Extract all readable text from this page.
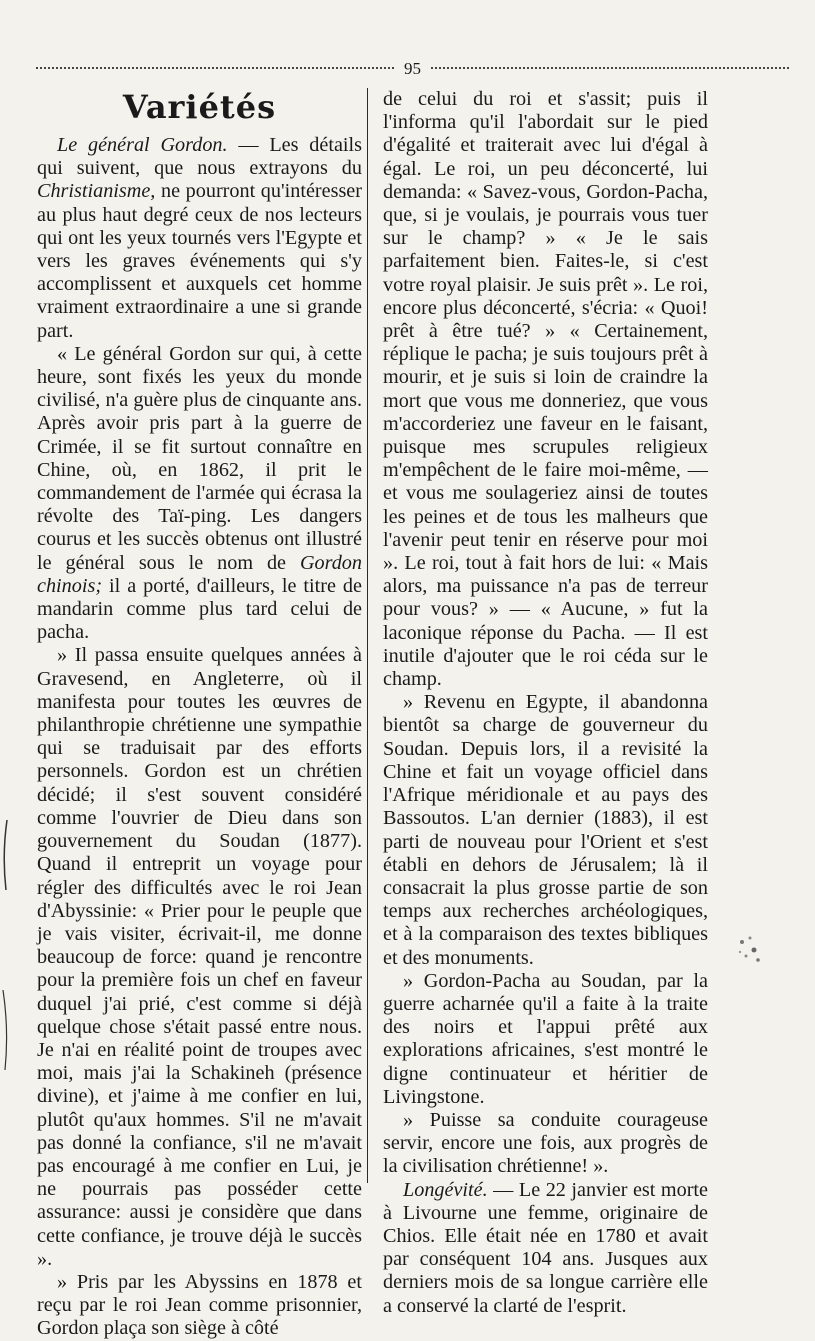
95
Variétés

Le général Gordon. — Les détails qui suivent, que nous extrayons du Christianisme, ne pourront qu'intéresser au plus haut degré ceux de nos lecteurs qui ont les yeux tournés vers l'Egypte et vers les graves événements qui s'y accomplissent et auxquels cet homme vraiment extraordinaire a une si grande part.

« Le général Gordon sur qui, à cette heure, sont fixés les yeux du monde civilisé, n'a guère plus de cinquante ans. Après avoir pris part à la guerre de Crimée, il se fit surtout connaître en Chine, où, en 1862, il prit le commandement de l'armée qui écrasa la révolte des Taï-ping. Les dangers courus et les succès obtenus ont illustré le général sous le nom de Gordon chinois; il a porté, d'ailleurs, le titre de mandarin comme plus tard celui de pacha.

» Il passa ensuite quelques années à Gravesend, en Angleterre, où il manifesta pour toutes les œuvres de philanthropie chrétienne une sympathie qui se traduisait par des efforts personnels. Gordon est un chrétien décidé; il s'est souvent considéré comme l'ouvrier de Dieu dans son gouvernement du Soudan (1877). Quand il entreprit un voyage pour régler des difficultés avec le roi Jean d'Abyssinie: « Prier pour le peuple que je vais visiter, écrivait-il, me donne beaucoup de force: quand je rencontre pour la première fois un chef en faveur duquel j'ai prié, c'est comme si déjà quelque chose s'était passé entre nous. Je n'ai en réalité point de troupes avec moi, mais j'ai la Schakineh (présence divine), et j'aime à me confier en lui, plutôt qu'aux hommes. S'il ne m'avait pas donné la confiance, s'il ne m'avait pas encouragé à me confier en Lui, je ne pourrais pas posséder cette assurance: aussi je considère que dans cette confiance, je trouve déjà le succès ».

» Pris par les Abyssins en 1878 et reçu par le roi Jean comme prisonnier, Gordon plaça son siège à côté

de celui du roi et s'assit; puis il l'informa qu'il l'abordait sur le pied d'égalité et traiterait avec lui d'égal à égal. Le roi, un peu déconcerté, lui demanda: « Savez-vous, Gordon-Pacha, que, si je voulais, je pourrais vous tuer sur le champ? » « Je le sais parfaitement bien. Faites-le, si c'est votre royal plaisir. Je suis prêt ». Le roi, encore plus déconcerté, s'écria: « Quoi! prêt à être tué? » « Certainement, réplique le pacha; je suis toujours prêt à mourir, et je suis si loin de craindre la mort que vous me donneriez, que vous m'accorderiez une faveur en le faisant, puisque mes scrupules religieux m'empêchent de le faire moi-même, — et vous me soulageriez ainsi de toutes les peines et de tous les malheurs que l'avenir peut tenir en réserve pour moi ». Le roi, tout à fait hors de lui: « Mais alors, ma puissance n'a pas de terreur pour vous? » — « Aucune, » fut la laconique réponse du Pacha. — Il est inutile d'ajouter que le roi céda sur le champ.

» Revenu en Egypte, il abandonna bientôt sa charge de gouverneur du Soudan. Depuis lors, il a revisité la Chine et fait un voyage officiel dans l'Afrique méridionale et au pays des Bassoutos. L'an dernier (1883), il est parti de nouveau pour l'Orient et s'est établi en dehors de Jérusalem; là il consacrait la plus grosse partie de son temps aux recherches archéologiques, et à la comparaison des textes bibliques et des monuments.

» Gordon-Pacha au Soudan, par la guerre acharnée qu'il a faite à la traite des noirs et l'appui prêté aux explorations africaines, s'est montré le digne continuateur et héritier de Livingstone.

» Puisse sa conduite courageuse servir, encore une fois, aux progrès de la civilisation chrétienne! ».

Longévité. — Le 22 janvier est morte à Livourne une femme, originaire de Chios. Elle était née en 1780 et avait par conséquent 104 ans. Jusques aux derniers mois de sa longue carrière elle a conservé la clarté de l'esprit.
